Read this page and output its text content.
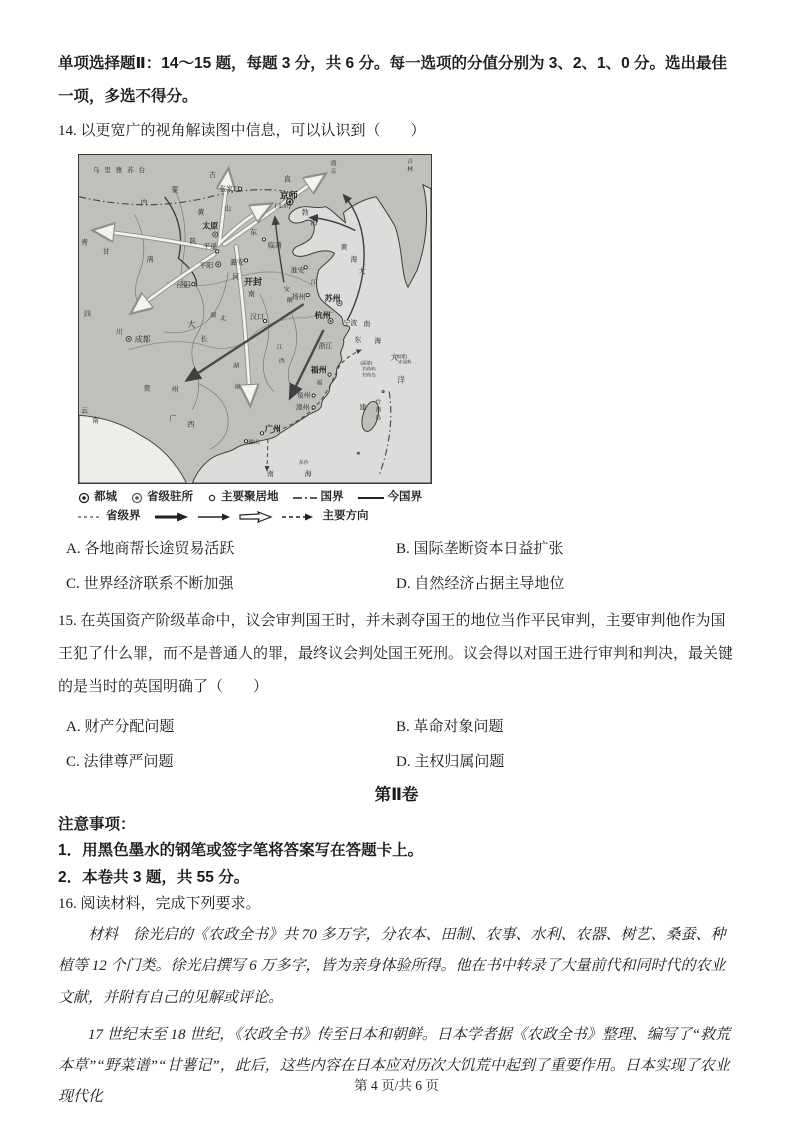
单项选择题Ⅱ：14～15 题，每题 3 分，共 6 分。每一选项的分值分别为 3、2、1、0 分。选出最佳一项，多选不得分。

14. 以更宽广的视角解读图中信息，可以认识到（　　）

乌里雅苏台
古
内
蒙
吉林
盛京
直
张家口
京师
(北京)
勃
海
山
黄
东
太原
陕
平遥	临清	黄
海
大
甘
青
清
平阳 潞安
泾阳
河 开封
南
淮安
江
安
徽 扬州 苏州
杭州
宁波 南
东 海
湖 北	汉口
大
长
四
川
成都
江
西
浙江
湖
南
贵	州
云
南	广
西
福州
福
泉州
漳州	建
台湾岛
(福建)
钓鱼屿
钓鱼岛
(福建)
赤尾屿
大
洋
广州
佛山
东沙
南	海
都城	省级驻所 主要聚居地	国界	今国界
省级界	主要方向
A. 各地商帮长途贸易活跃	B. 国际垄断资本日益扩张
C. 世界经济联系不断加强	D. 自然经济占据主导地位

15. 在英国资产阶级革命中，议会审判国王时，并未剥夺国王的地位当作平民审判，主要审判他作为国王犯了什么罪，而不是普通人的罪，最终议会判处国王死刑。议会得以对国王进行审判和判决，最关键的是当时的英国明确了（　　）

A. 财产分配问题	B. 革命对象问题
C. 法律尊严问题	D. 主权归属问题
第Ⅱ卷

注意事项：

1．用黑色墨水的钢笔或签字笔将答案写在答题卡上。

2．本卷共 3 题，共 55 分。

16. 阅读材料，完成下列要求。

材料　徐光启的《农政全书》共 70 多万字，分农本、田制、农事、水利、农器、树艺、桑蚕、种植等 12 个门类。徐光启撰写 6 万多字，皆为亲身体验所得。他在书中转录了大量前代和同时代的农业文献，并附有自己的见解或评论。

17 世纪末至 18 世纪，《农政全书》传至日本和朝鲜。日本学者据《农政全书》整理、编写了“救荒本草”“野菜谱”“甘薯记”，此后，这些内容在日本应对历次大饥荒中起到了重要作用。日本实现了农业现代化

第 4 页/共 6 页
